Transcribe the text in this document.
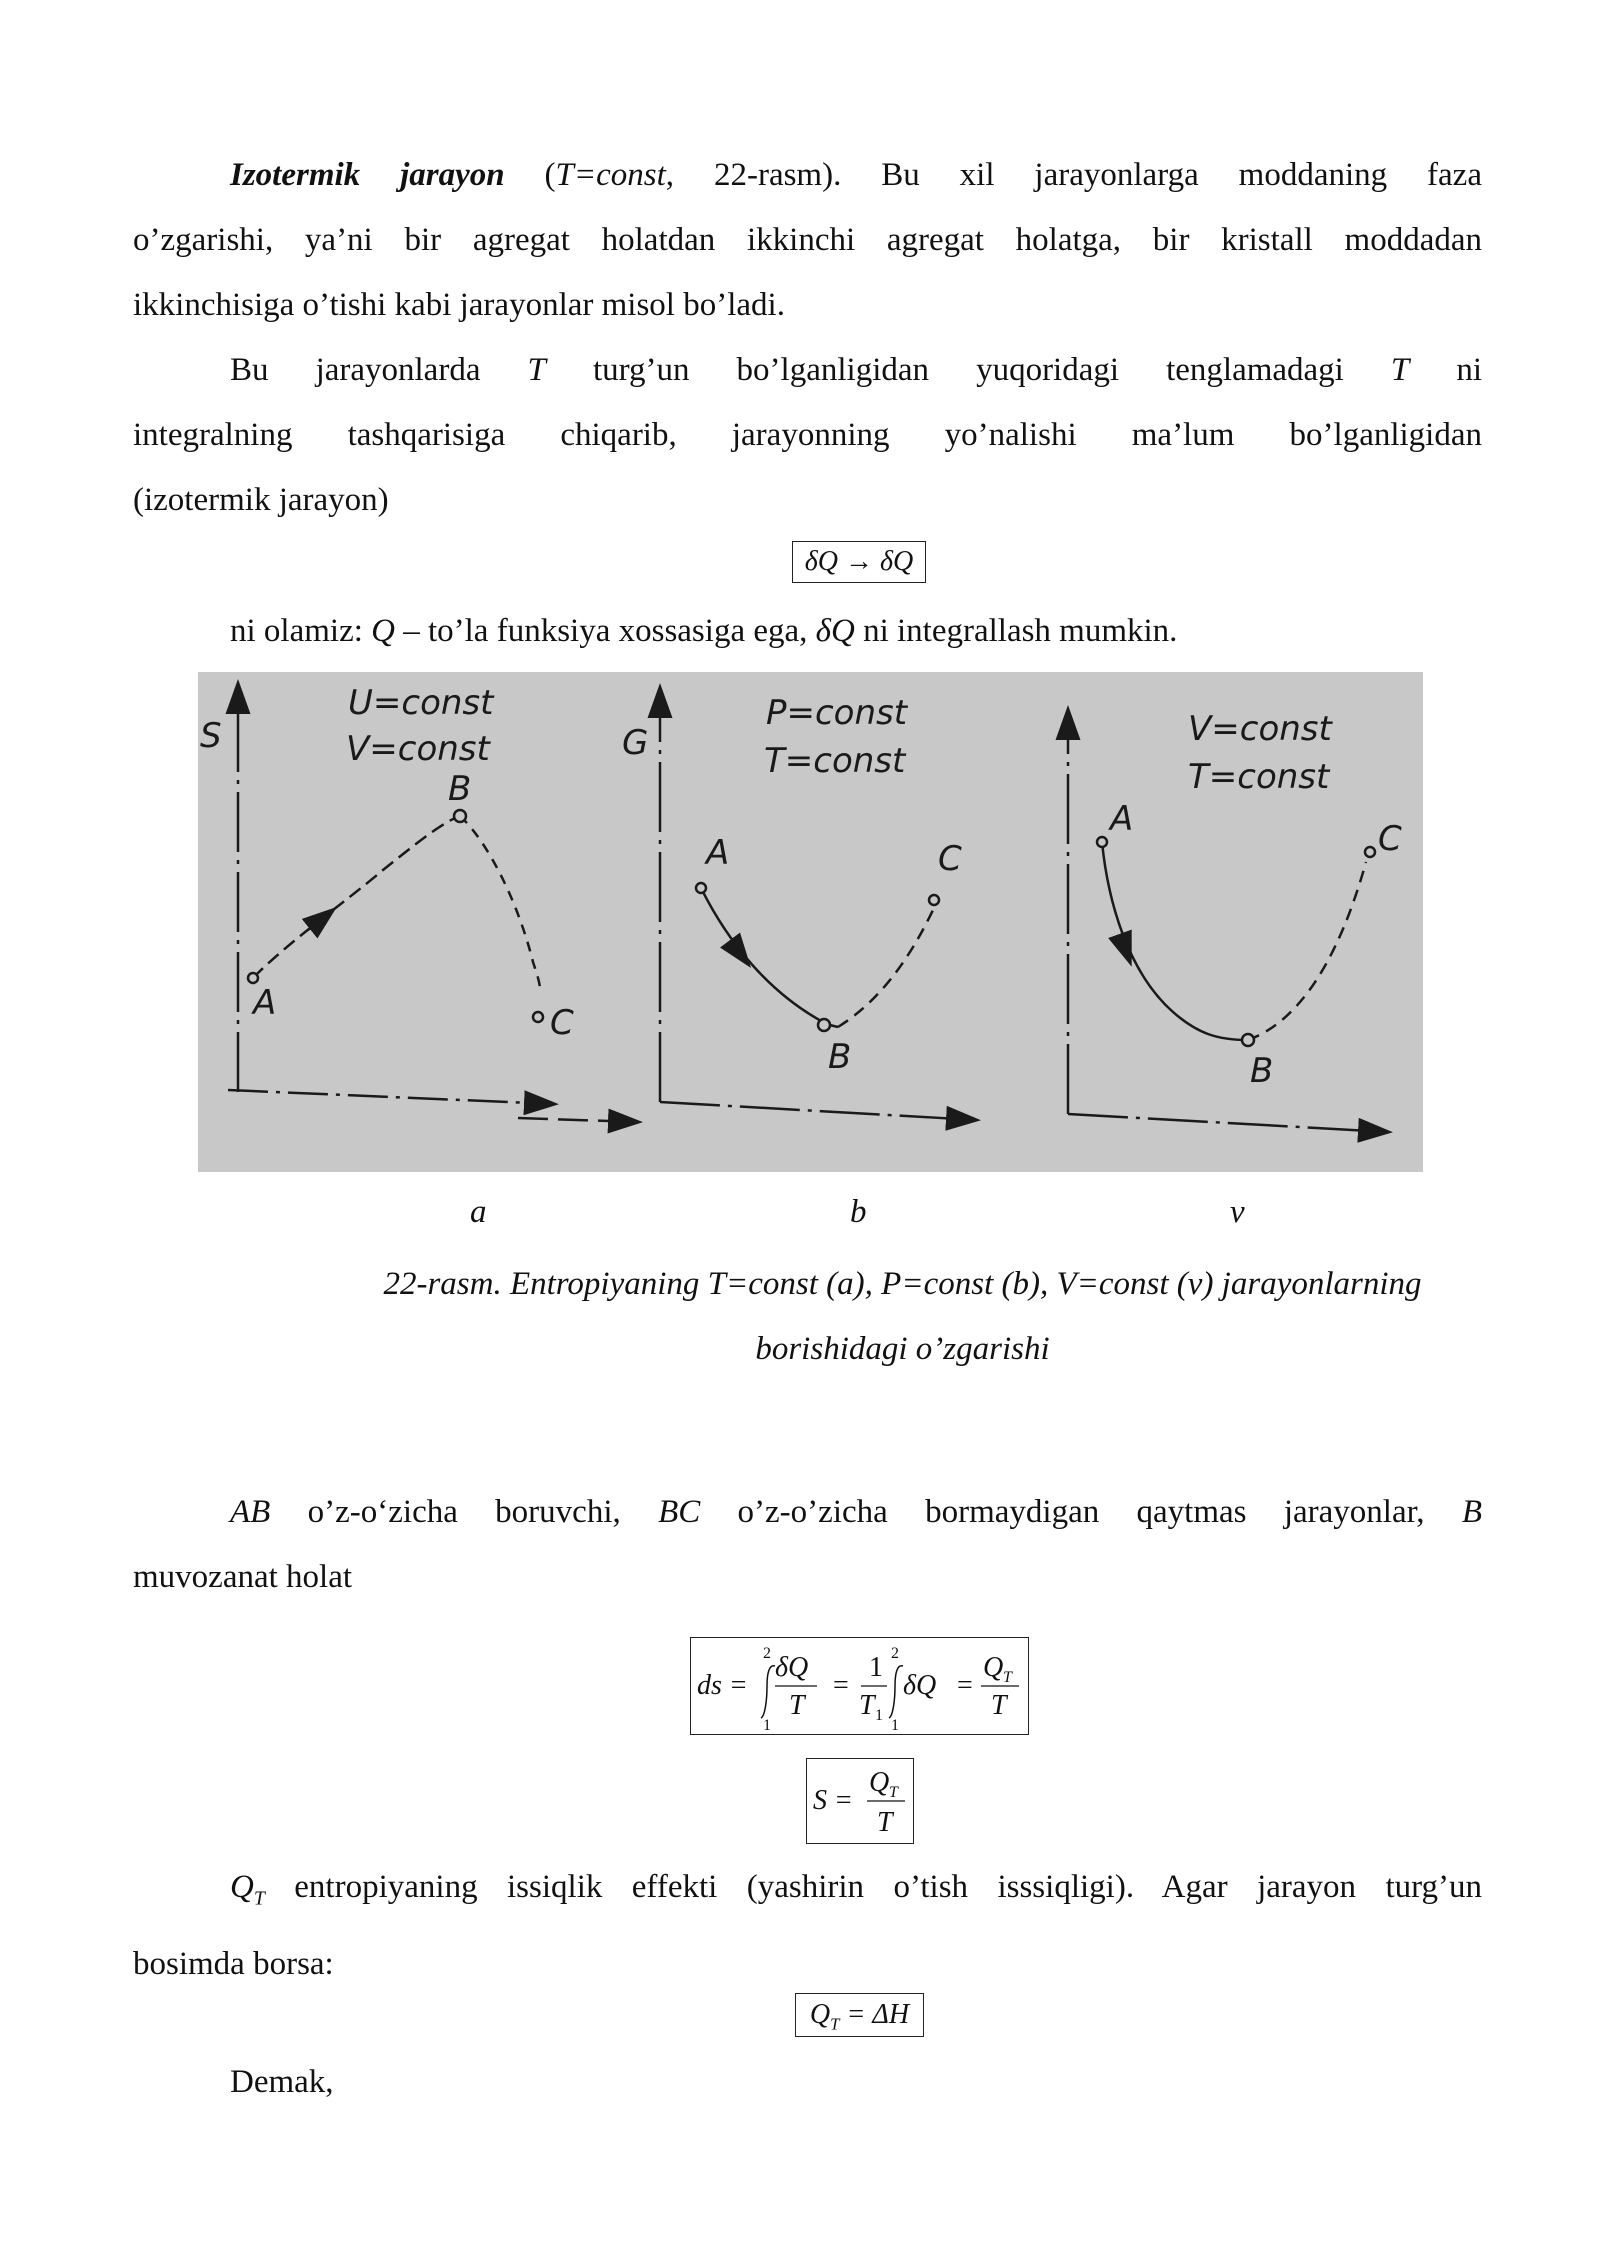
Izotermik jarayon (T=const, 22-rasm). Bu xil jarayonlarga moddaning faza
o’zgarishi, ya’ni bir agregat holatdan ikkinchi agregat holatga, bir kristall moddadan
ikkinchisiga o’tishi kabi jarayonlar misol bo’ladi.
Bu jarayonlarda T turg’un bo’lganligidan yuqoridagi tenglamadagi T ni
integralning tashqarisiga chiqarib, jarayonning yo’nalishi ma’lum bo’lganligidan
(izotermik jarayon)
δQ → δQ
ni olamiz: Q – to’la funksiya xossasiga ega, δQ ni integrallash mumkin.
S
U=const
V=const
A
B
C
G
P=const
T=const
A
B
C
V=const
T=const
A
B
C
a	b	v
22-rasm. Entropiyaning T=const (a), P=const (b), V=const (v) jarayonlarning
borishidagi o’zgarishi
AB o’z-o‘zicha boruvchi, BC o’z-o’zicha bormaydigan qaytmas jarayonlar, B
muvozanat holat
ds =
2
1
δQ
T
=
1
T 1
2
1
δQ =
Q T
T
S =
Q T
T
$Q_T$ entropiyaning issiqlik effekti (yashirin o’tish isssiqligi). Agar jarayon turg’un
bosimda borsa:
$Q_T = \Delta H$
Demak,
